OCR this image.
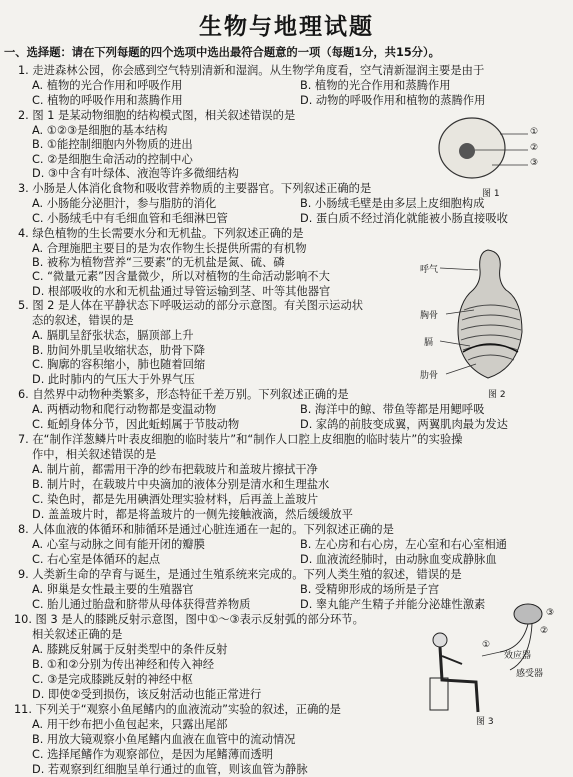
生物与地理试题
一、选择题：请在下列每题的四个选项中选出最符合题意的一项（每题1分，共15分）。
1. 走进森林公园，你会感到空气特别清新和湿润。从生物学角度看，空气清新湿润主要是由于
A. 植物的光合作用和呼吸作用	B. 植物的光合作用和蒸腾作用
C. 植物的呼吸作用和蒸腾作用	D. 动物的呼吸作用和植物的蒸腾作用
2. 图 1 是某动物细胞的结构模式图，相关叙述错误的是
A. ①②③是细胞的基本结构
B. ①能控制细胞内外物质的进出
C. ②是细胞生命活动的控制中心
D. ③中含有叶绿体、液泡等许多微细结构
3. 小肠是人体消化食物和吸收营养物质的主要器官。下列叙述正确的是
A. 小肠能分泌胆汁，参与脂肪的消化	B. 小肠绒毛壁是由多层上皮细胞构成
C. 小肠绒毛中有毛细血管和毛细淋巴管	D. 蛋白质不经过消化就能被小肠直接吸收
4. 绿色植物的生长需要水分和无机盐。下列叙述正确的是
A. 合理施肥主要目的是为农作物生长提供所需的有机物
B. 被称为植物营养“三要素”的无机盐是氮、硫、磷
C. “微量元素”因含量微少，所以对植物的生命活动影响不大
D. 根部吸收的水和无机盐通过导管运输到茎、叶等其他器官
5. 图 2 是人体在平静状态下呼吸运动的部分示意图。有关图示运动状
态的叙述，错误的是
A. 膈肌呈舒张状态，膈顶部上升
B. 肋间外肌呈收缩状态，肋骨下降
C. 胸廓的容积缩小，肺也随着回缩
D. 此时肺内的气压大于外界气压
6. 自然界中动物种类繁多，形态特征千差万别。下列叙述正确的是
A. 两栖动物和爬行动物都是变温动物	B. 海洋中的鲸、带鱼等都是用鳃呼吸
C. 蚯蚓身体分节，因此蚯蚓属于节肢动物	D. 家鸽的前肢变成翼，两翼肌肉最为发达
7. 在“制作洋葱鳞片叶表皮细胞的临时装片”和“制作人口腔上皮细胞的临时装片”的实验操
作中，相关叙述错误的是
A. 制片前，都需用干净的纱布把载玻片和盖玻片擦拭干净
B. 制片时，在载玻片中央滴加的液体分别是清水和生理盐水
C. 染色时，都是先用碘酒处理实验材料，后再盖上盖玻片
D. 盖盖玻片时，都是将盖玻片的一侧先接触液滴，然后缓缓放平
8. 人体血液的体循环和肺循环是通过心脏连通在一起的。下列叙述正确的是
A. 心室与动脉之间有能开闭的瓣膜	B. 左心房和右心房，左心室和右心室相通
C. 右心室是体循环的起点	D. 血液流经肺时，由动脉血变成静脉血
9. 人类新生命的孕育与诞生，是通过生殖系统来完成的。下列人类生殖的叙述，错误的是
A. 卵巢是女性最主要的生殖器官	B. 受精卵形成的场所是子宫
C. 胎儿通过胎盘和脐带从母体获得营养物质	D. 睾丸能产生精子并能分泌雄性激素
10. 图 3 是人的膝跳反射示意图，图中①～③表示反射弧的部分环节。
相关叙述正确的是
A. 膝跳反射属于反射类型中的条件反射
B. ①和②分别为传出神经和传入神经
C. ③是完成膝跳反射的神经中枢
D. 即使②受到损伤，该反射活动也能正常进行
11. 下列关于“观察小鱼尾鳍内的血液流动”实验的叙述，正确的是
A. 用干纱布把小鱼包起来，只露出尾部
B. 用放大镜观察小鱼尾鳍内血液在血管中的流动情况
C. 选择尾鳍作为观察部位，是因为尾鳍薄而透明
D. 若观察到红细胞呈单行通过的血管，则该血管为静脉
①
②
③
图 1
呼气
胸骨
膈
肋骨
图 2
①
③
②
效应器
感受器
图 3
